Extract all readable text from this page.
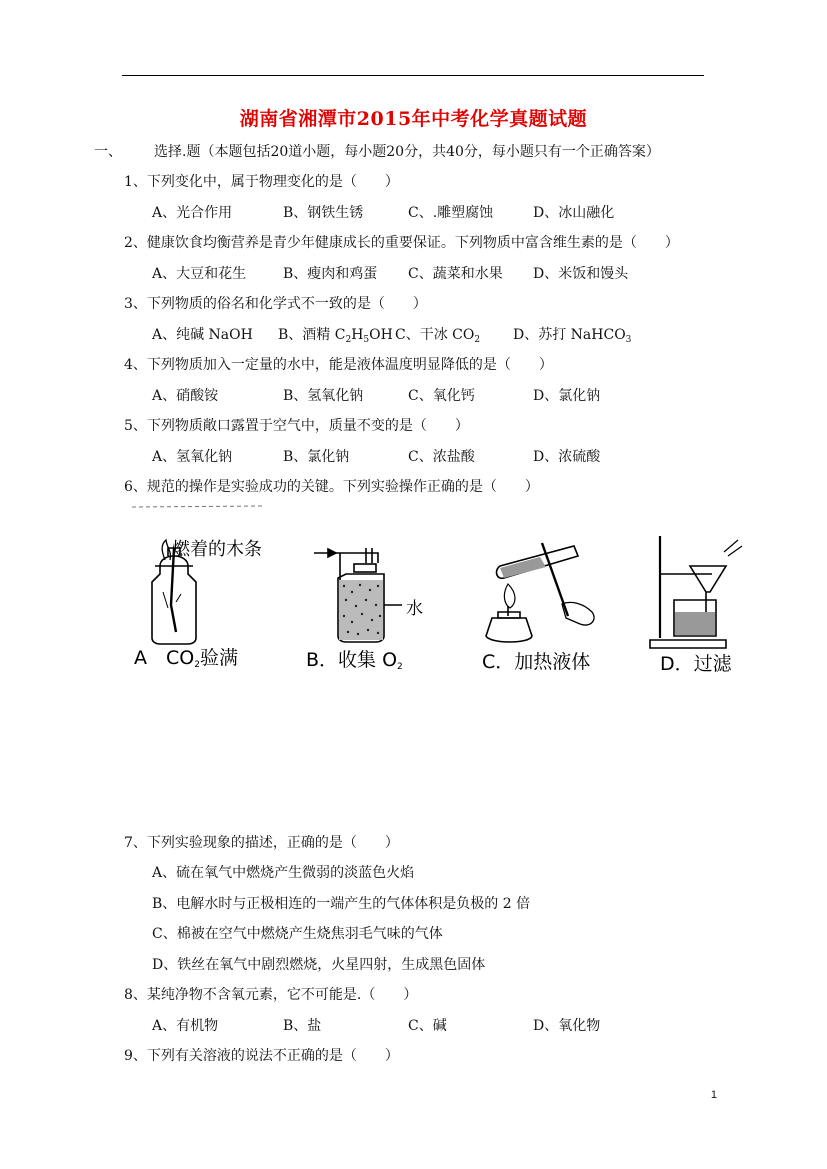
湖南省湘潭市2015年中考化学真题试题
一、 选择.题（本题包括20道小题，每小题20分，共40分，每小题只有一个正确答案）
1、下列变化中，属于物理变化的是（　　）
A、光合作用	B、钢铁生锈	C、.雕塑腐蚀	D、冰山融化
2、健康饮食均衡营养是青少年健康成长的重要保证。下列物质中富含维生素的是（　　）
A、大豆和花生	B、瘦肉和鸡蛋 C、蔬菜和水果 D、米饭和馒头
3、下列物质的俗名和化学式不一致的是（　　）
A、纯碱 NaOH B、酒精 $C_2H_5OH$ C、干冰 $CO_2$ D、苏打 NaHCO$_3$
4、下列物质加入一定量的水中，能是液体温度明显降低的是（　　）
A、硝酸铵	B、氢氧化钠	C、氧化钙	D、氯化钠
5、下列物质敞口露置于空气中，质量不变的是（　　）
A、氢氧化钠	B、氯化钠	C、浓盐酸	D、浓硫酸
6、规范的操作是实验成功的关键。下列实验操作正确的是（　　）
燃着的木条
水
A　$CO_2$验满	B．收集 $O_2$	C．加热液体	D．过滤
7、下列实验现象的描述，正确的是（　　）
A、硫在氧气中燃烧产生微弱的淡蓝色火焰
B、电解水时与正极相连的一端产生的气体体积是负极的 2 倍
C、棉被在空气中燃烧产生烧焦羽毛气味的气体
D、铁丝在氧气中剧烈燃烧，火星四射，生成黑色固体
8、某纯净物不含氧元素，它不可能是.（　　）
A、有机物	B、盐	C、碱	D、氧化物
9、下列有关溶液的说法不正确的是（　　）
1
